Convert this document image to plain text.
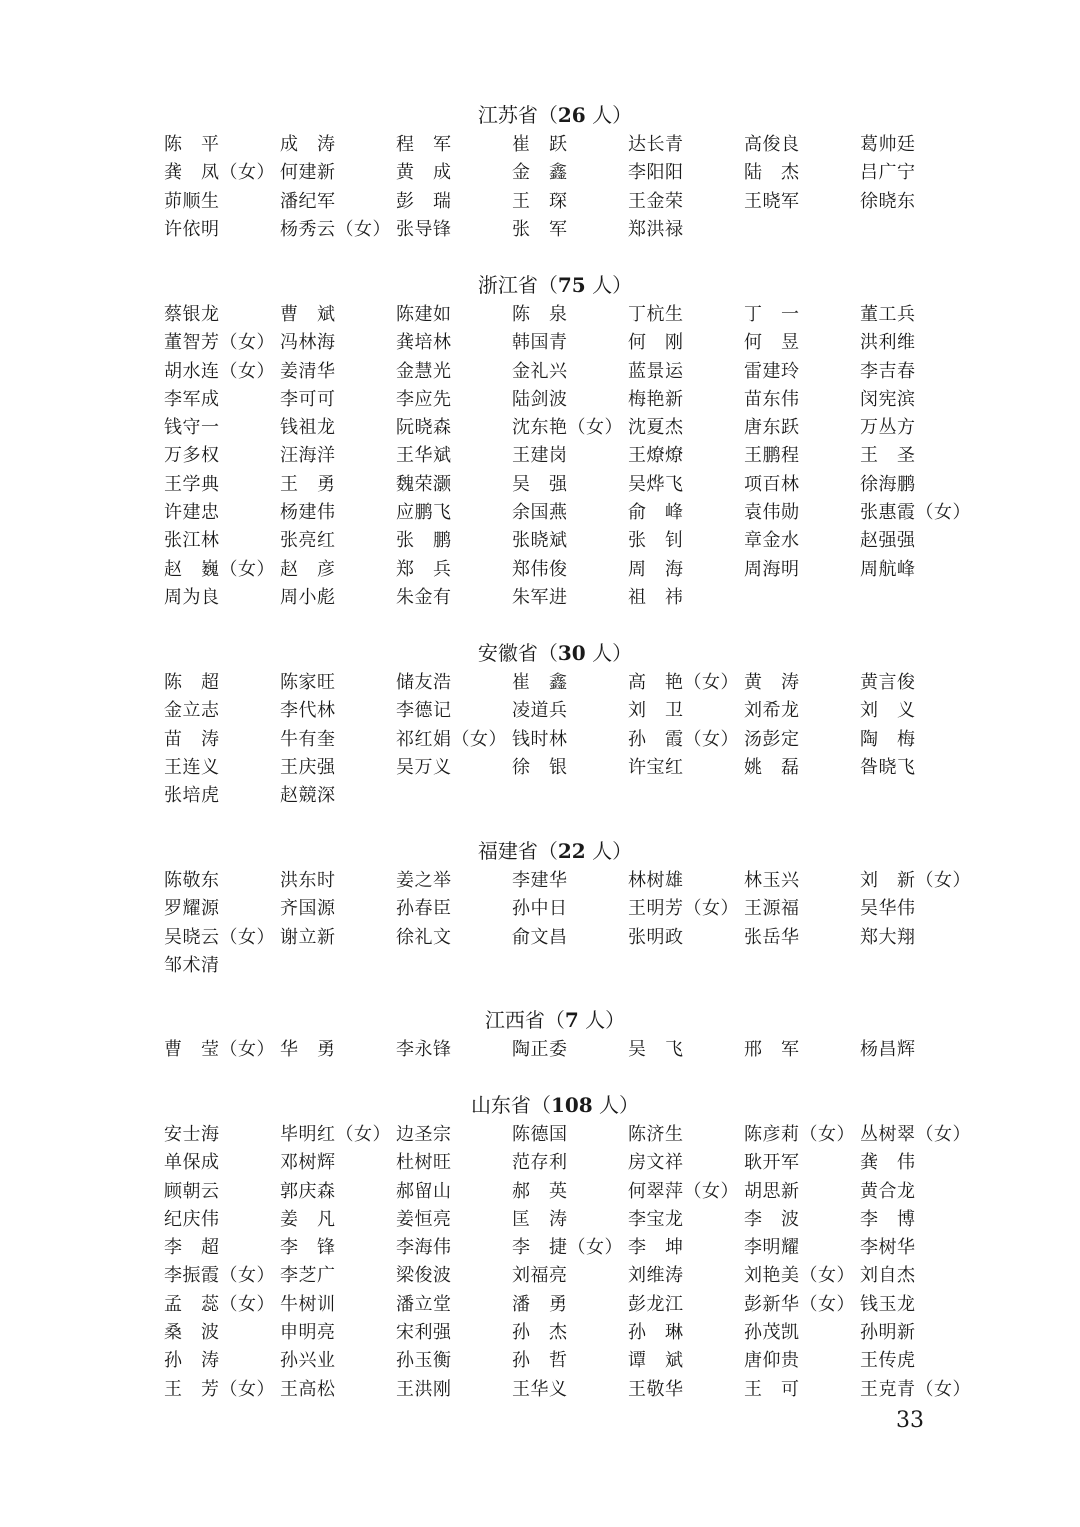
江苏省（26 人）
陈　平	成　涛	程　军	崔　跃	达长青	高俊良	葛帅廷
龚　凤（女） 何建新	黄　成	金　鑫	李阳阳	陆　杰	吕广宁
茆顺生	潘纪军	彭　瑞	王　琛	王金荣	王晓军	徐晓东
许依明	杨秀云（女） 张导锋	张　军	郑洪禄
浙江省（75 人）
蔡银龙	曹　斌	陈建如	陈　泉	丁杭生	丁　一	董工兵
董智芳（女） 冯林海	龚培林	韩国青	何　刚	何　昱	洪利维
胡水连（女） 姜清华	金慧光	金礼兴	蓝景运	雷建玲	李吉春
李军成	李可可	李应先	陆剑波	梅艳新	苗东伟	闵宪滨
钱守一	钱祖龙	阮晓森	沈东艳（女） 沈夏杰	唐东跃	万丛方
万多权	汪海洋	王华斌	王建岗	王燎燎	王鹏程	王　圣
王学典	王　勇	魏荣灏	吴　强	吴烨飞	项百林	徐海鹏
许建忠	杨建伟	应鹏飞	余国燕	俞　峰	袁伟勋	张惠霞（女）
张江林	张亮红	张　鹏	张晓斌	张　钊	章金水	赵强强
赵　巍（女） 赵　彦	郑　兵	郑伟俊	周　海	周海明	周航峰
周为良	周小彪	朱金有	朱军进	祖　祎
安徽省（30 人）
陈　超	陈家旺	储友浩	崔　鑫	高　艳（女） 黄　涛	黄言俊
金立志	李代林	李德记	凌道兵	刘　卫	刘希龙	刘　义
苗　涛	牛有奎	祁红娟（女） 钱时林	孙　霞（女） 汤彭定	陶　梅
王连义	王庆强	吴万义	徐　银	许宝红	姚　磊	昝晓飞
张培虎	赵競深
福建省（22 人）
陈敬东	洪东时	姜之举	李建华	林树雄	林玉兴	刘　新（女）
罗耀源	齐国源	孙春臣	孙中日	王明芳（女） 王源福	吴华伟
吴晓云（女） 谢立新	徐礼文	俞文昌	张明政	张岳华	郑大翔
邹术清
江西省（7 人）
曹　莹（女） 华　勇	李永锋	陶正委	吴　飞	邢　军	杨昌辉
山东省（108 人）
安士海	毕明红（女） 边圣宗	陈德国	陈济生	陈彦莉（女） 丛树翠（女）
单保成	邓树辉	杜树旺	范存利	房文祥	耿开军	龚　伟
顾朝云	郭庆森	郝留山	郝　英	何翠萍（女） 胡思新	黄合龙
纪庆伟	姜　凡	姜恒亮	匡　涛	李宝龙	李　波	李　博
李　超	李　锋	李海伟	李　捷（女） 李　坤	李明耀	李树华
李振霞（女） 李芝广	梁俊波	刘福亮	刘维涛	刘艳美（女） 刘自杰
孟　蕊（女） 牛树训	潘立堂	潘　勇	彭龙江	彭新华（女） 钱玉龙
桑　波	申明亮	宋利强	孙　杰	孙　琳	孙茂凯	孙明新
孙　涛	孙兴业	孙玉衡	孙　哲	谭　斌	唐仰贵	王传虎
王　芳（女） 王高松	王洪刚	王华义	王敬华	王　可	王克青（女）
33
